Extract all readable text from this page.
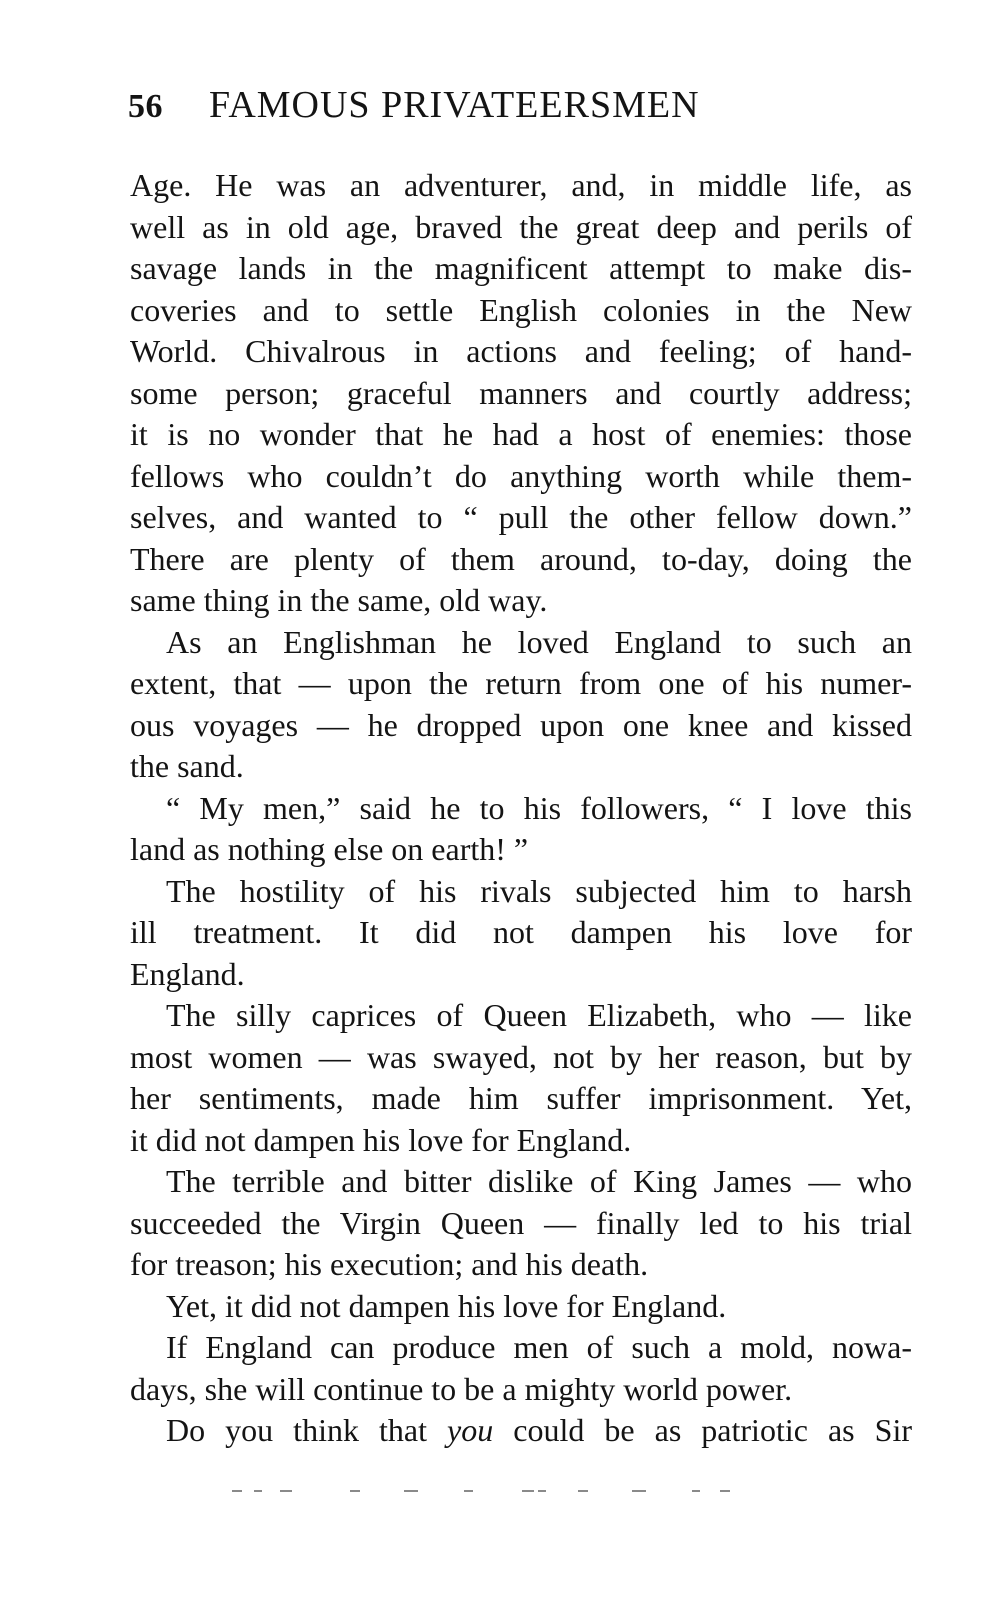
56 FAMOUS PRIVATEERSMEN
Age. He was an adventurer, and, in middle life, as
well as in old age, braved the great deep and perils of
savage lands in the magnificent attempt to make dis-
coveries and to settle English colonies in the New
World. Chivalrous in actions and feeling; of hand-
some person; graceful manners and courtly address;
it is no wonder that he had a host of enemies: those
fellows who couldn’t do anything worth while them-
selves, and wanted to “ pull the other fellow down.”
There are plenty of them around, to-day, doing the
same thing in the same, old way.
As an Englishman he loved England to such an
extent, that — upon the return from one of his numer-
ous voyages — he dropped upon one knee and kissed
the sand.
“ My men,” said he to his followers, “ I love this
land as nothing else on earth! ”
The hostility of his rivals subjected him to harsh
ill treatment. It did not dampen his love for
England.
The silly caprices of Queen Elizabeth, who — like
most women — was swayed, not by her reason, but by
her sentiments, made him suffer imprisonment. Yet,
it did not dampen his love for England.
The terrible and bitter dislike of King James — who
succeeded the Virgin Queen — finally led to his trial
for treason; his execution; and his death.
Yet, it did not dampen his love for England.
If England can produce men of such a mold, nowa-
days, she will continue to be a mighty world power.
Do you think that you could be as patriotic as Sir
